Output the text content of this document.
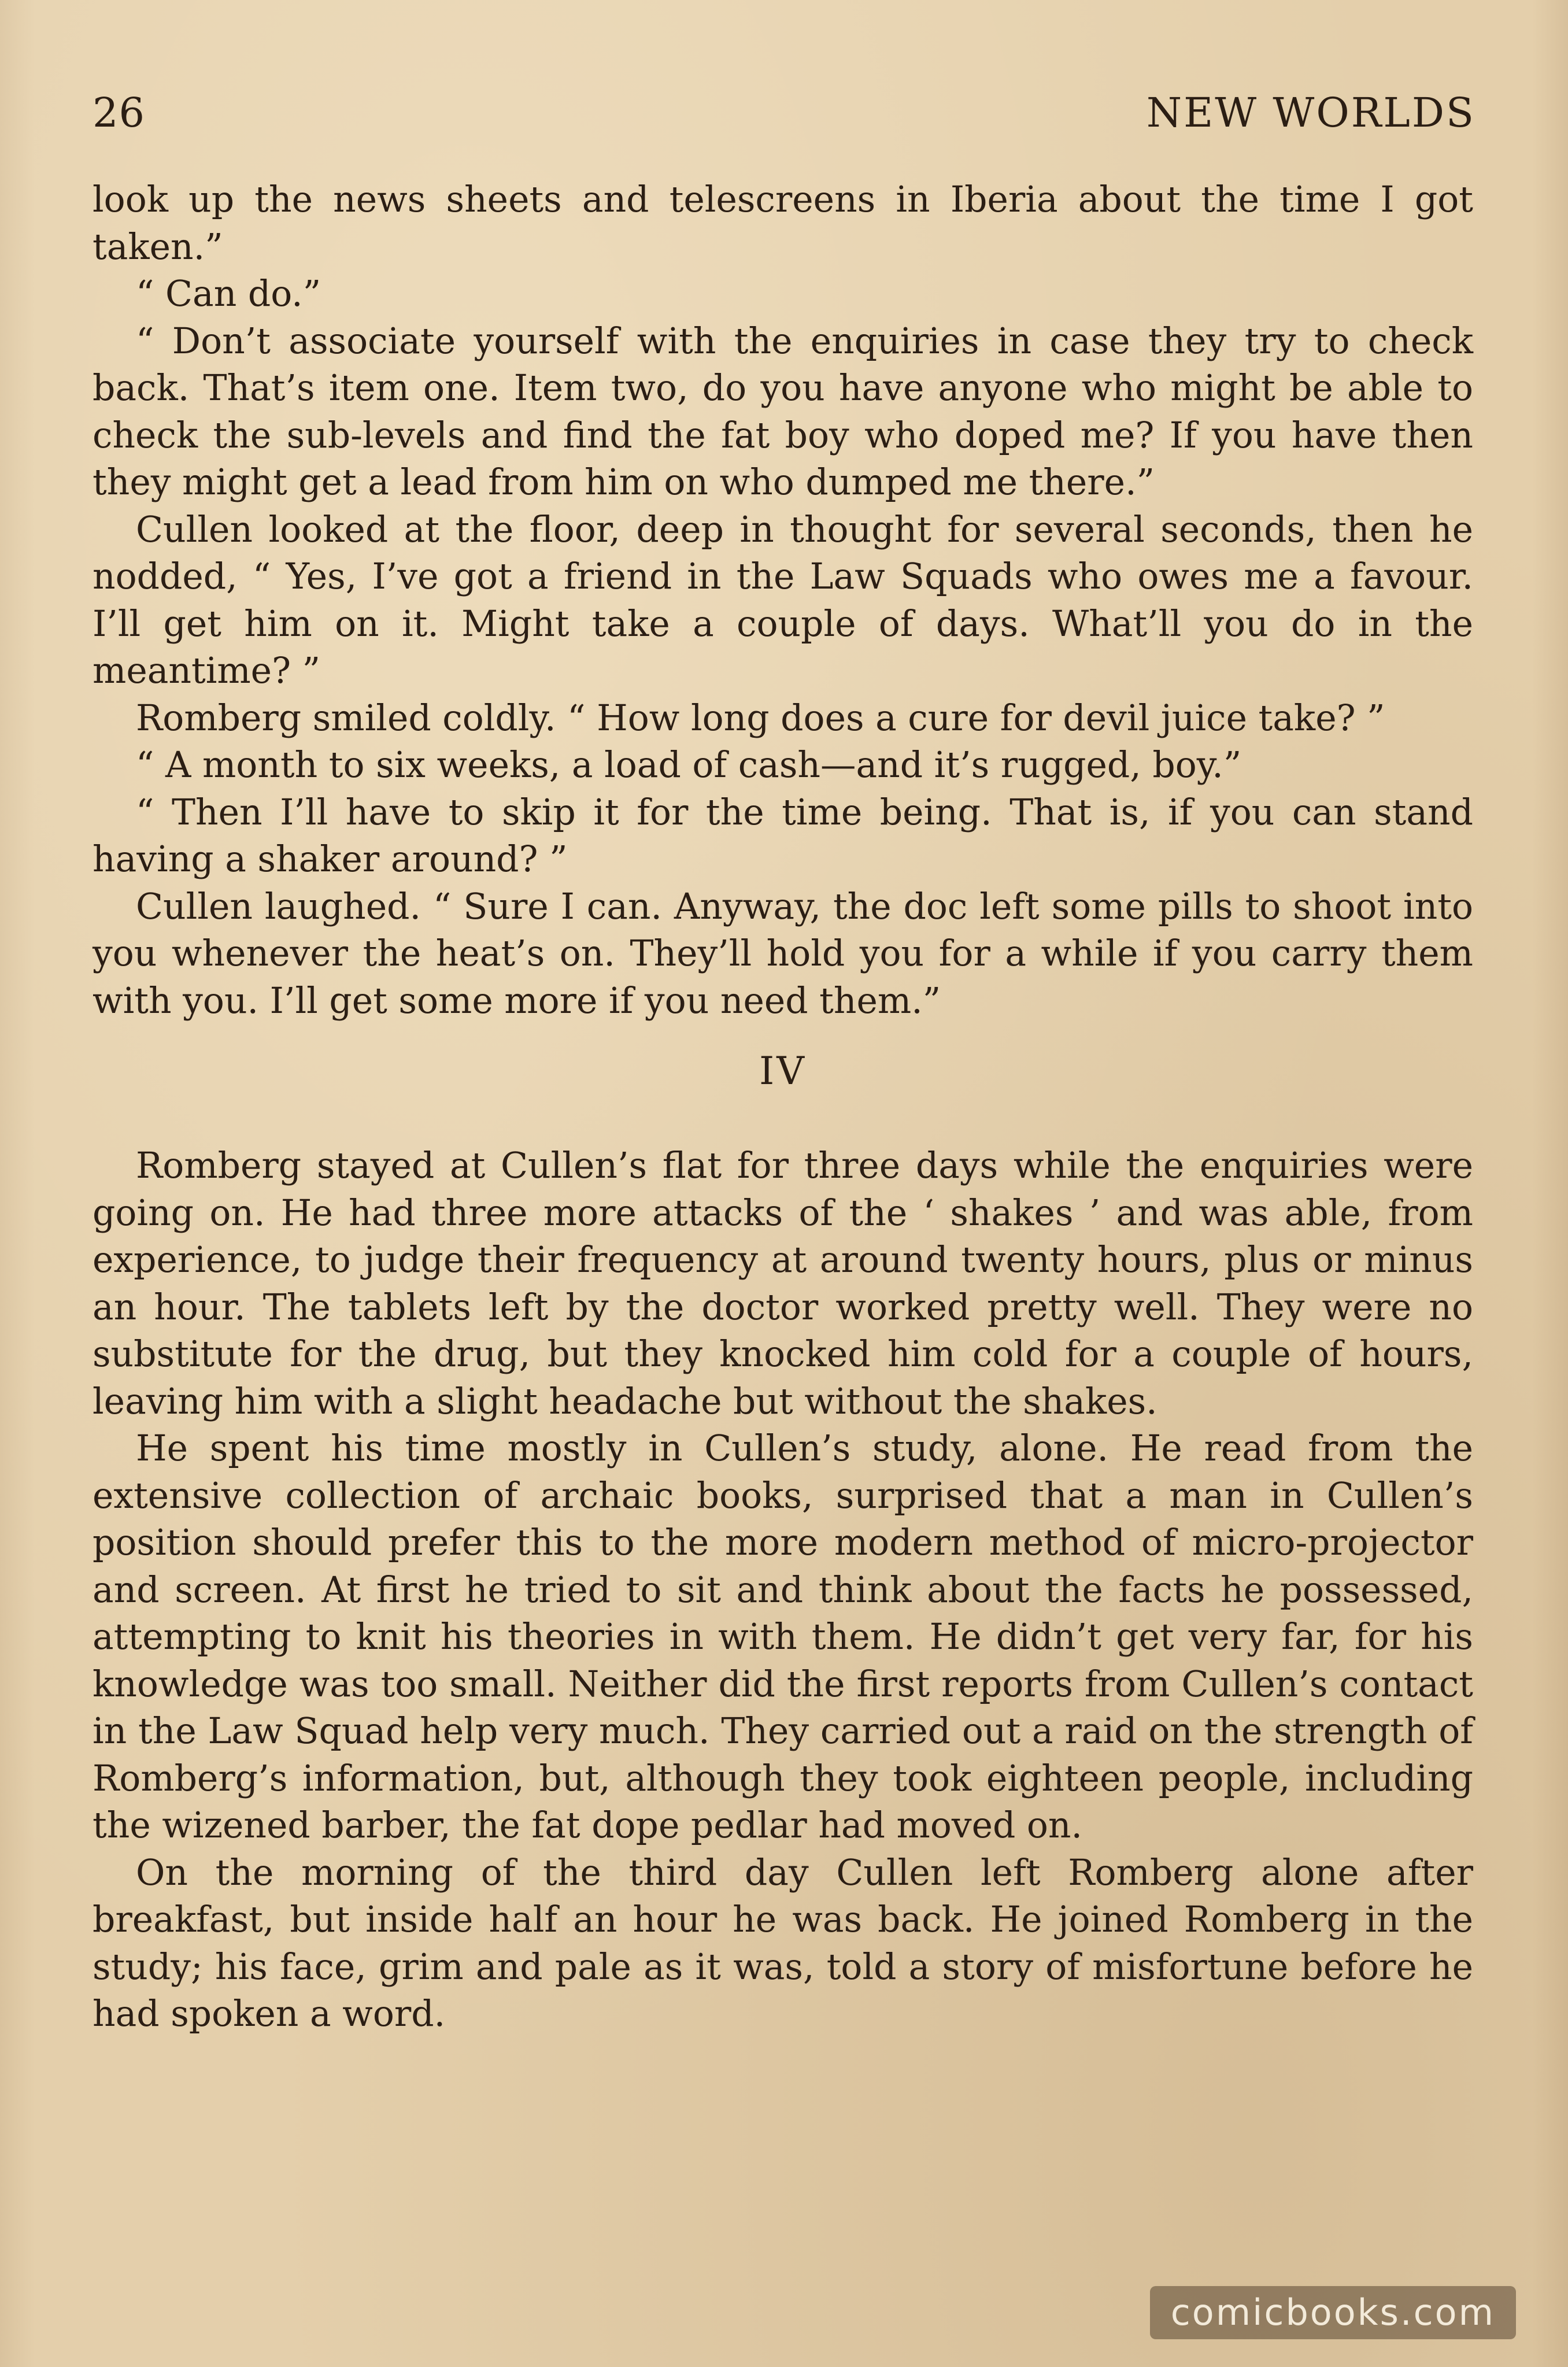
26	NEW WORLDS

look up the news sheets and telescreens in Iberia about the time I got taken.”

“ Can do.”

“ Don’t associate yourself with the enquiries in case they try to check back. That’s item one. Item two, do you have anyone who might be able to check the sub-levels and find the fat boy who doped me? If you have then they might get a lead from him on who dumped me there.”

Cullen looked at the floor, deep in thought for several seconds, then he nodded, “ Yes, I’ve got a friend in the Law Squads who owes me a favour. I’ll get him on it. Might take a couple of days. What’ll you do in the meantime? ”

Romberg smiled coldly. “ How long does a cure for devil juice take? ”

“ A month to six weeks, a load of cash—and it’s rugged, boy.”

“ Then I’ll have to skip it for the time being. That is, if you can stand having a shaker around? ”

Cullen laughed. “ Sure I can. Anyway, the doc left some pills to shoot into you whenever the heat’s on. They’ll hold you for a while if you carry them with you. I’ll get some more if you need them.”

IV

Romberg stayed at Cullen’s flat for three days while the enquiries were going on. He had three more attacks of the ‘ shakes ’ and was able, from experience, to judge their frequency at around twenty hours, plus or minus an hour. The tablets left by the doctor worked pretty well. They were no substitute for the drug, but they knocked him cold for a couple of hours, leaving him with a slight headache but without the shakes.

He spent his time mostly in Cullen’s study, alone. He read from the extensive collection of archaic books, surprised that a man in Cullen’s position should prefer this to the more modern method of micro-projector and screen. At first he tried to sit and think about the facts he possessed, attempting to knit his theories in with them. He didn’t get very far, for his knowledge was too small. Neither did the first reports from Cullen’s contact in the Law Squad help very much. They carried out a raid on the strength of Romberg’s information, but, although they took eighteen people, including the wizened barber, the fat dope pedlar had moved on.

On the morning of the third day Cullen left Romberg alone after breakfast, but inside half an hour he was back. He joined Romberg in the study; his face, grim and pale as it was, told a story of misfortune before he had spoken a word.

comicbooks.com
